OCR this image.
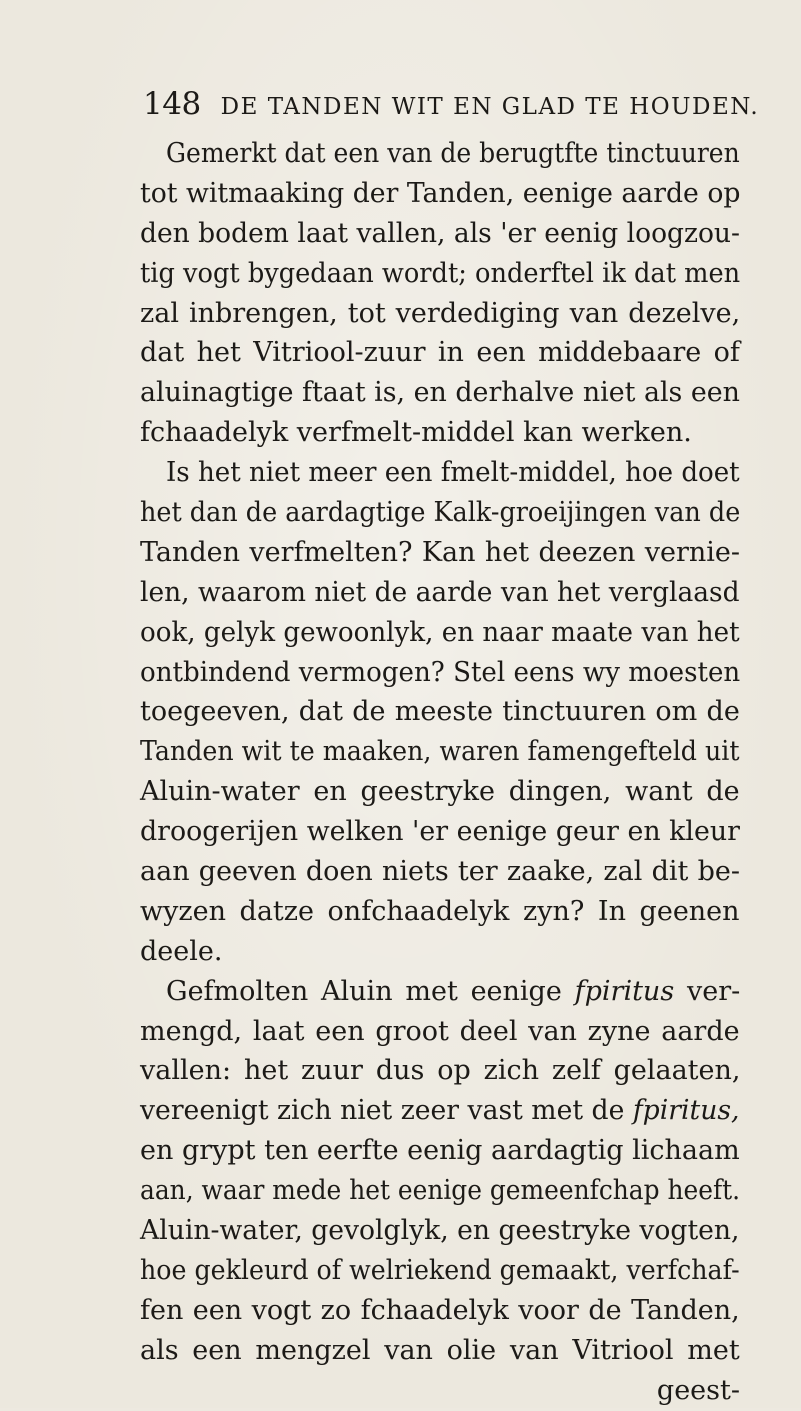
148 DE TANDEN WIT EN GLAD TE HOUDEN.
Gemerkt dat een van de berugtfte tinctuuren
tot witmaaking der Tanden, eenige aarde op
den bodem laat vallen, als 'er eenig loogzou-
tig vogt bygedaan wordt; onderftel ik dat men
zal inbrengen, tot verdediging van dezelve,
dat het Vitriool-zuur in een middebaare of
aluinagtige ftaat is, en derhalve niet als een
fchaadelyk verfmelt-middel kan werken.
Is het niet meer een fmelt-middel, hoe doet
het dan de aardagtige Kalk-groeijingen van de
Tanden verfmelten? Kan het deezen vernie-
len, waarom niet de aarde van het verglaasd
ook, gelyk gewoonlyk, en naar maate van het
ontbindend vermogen? Stel eens wy moesten
toegeeven, dat de meeste tinctuuren om de
Tanden wit te maaken, waren famengefteld uit
Aluin-water en geestryke dingen, want de
droogerijen welken 'er eenige geur en kleur
aan geeven doen niets ter zaake, zal dit be-
wyzen datze onfchaadelyk zyn? In geenen
deele.
Gefmolten Aluin met eenige fpiritus ver-
mengd, laat een groot deel van zyne aarde
vallen: het zuur dus op zich zelf gelaaten,
vereenigt zich niet zeer vast met de fpiritus,
en grypt ten eerfte eenig aardagtig lichaam
aan, waar mede het eenige gemeenfchap heeft.
Aluin-water, gevolglyk, en geestryke vogten,
hoe gekleurd of welriekend gemaakt, verfchaf-
fen een vogt zo fchaadelyk voor de Tanden,
als een mengzel van olie van Vitriool met
geest-
